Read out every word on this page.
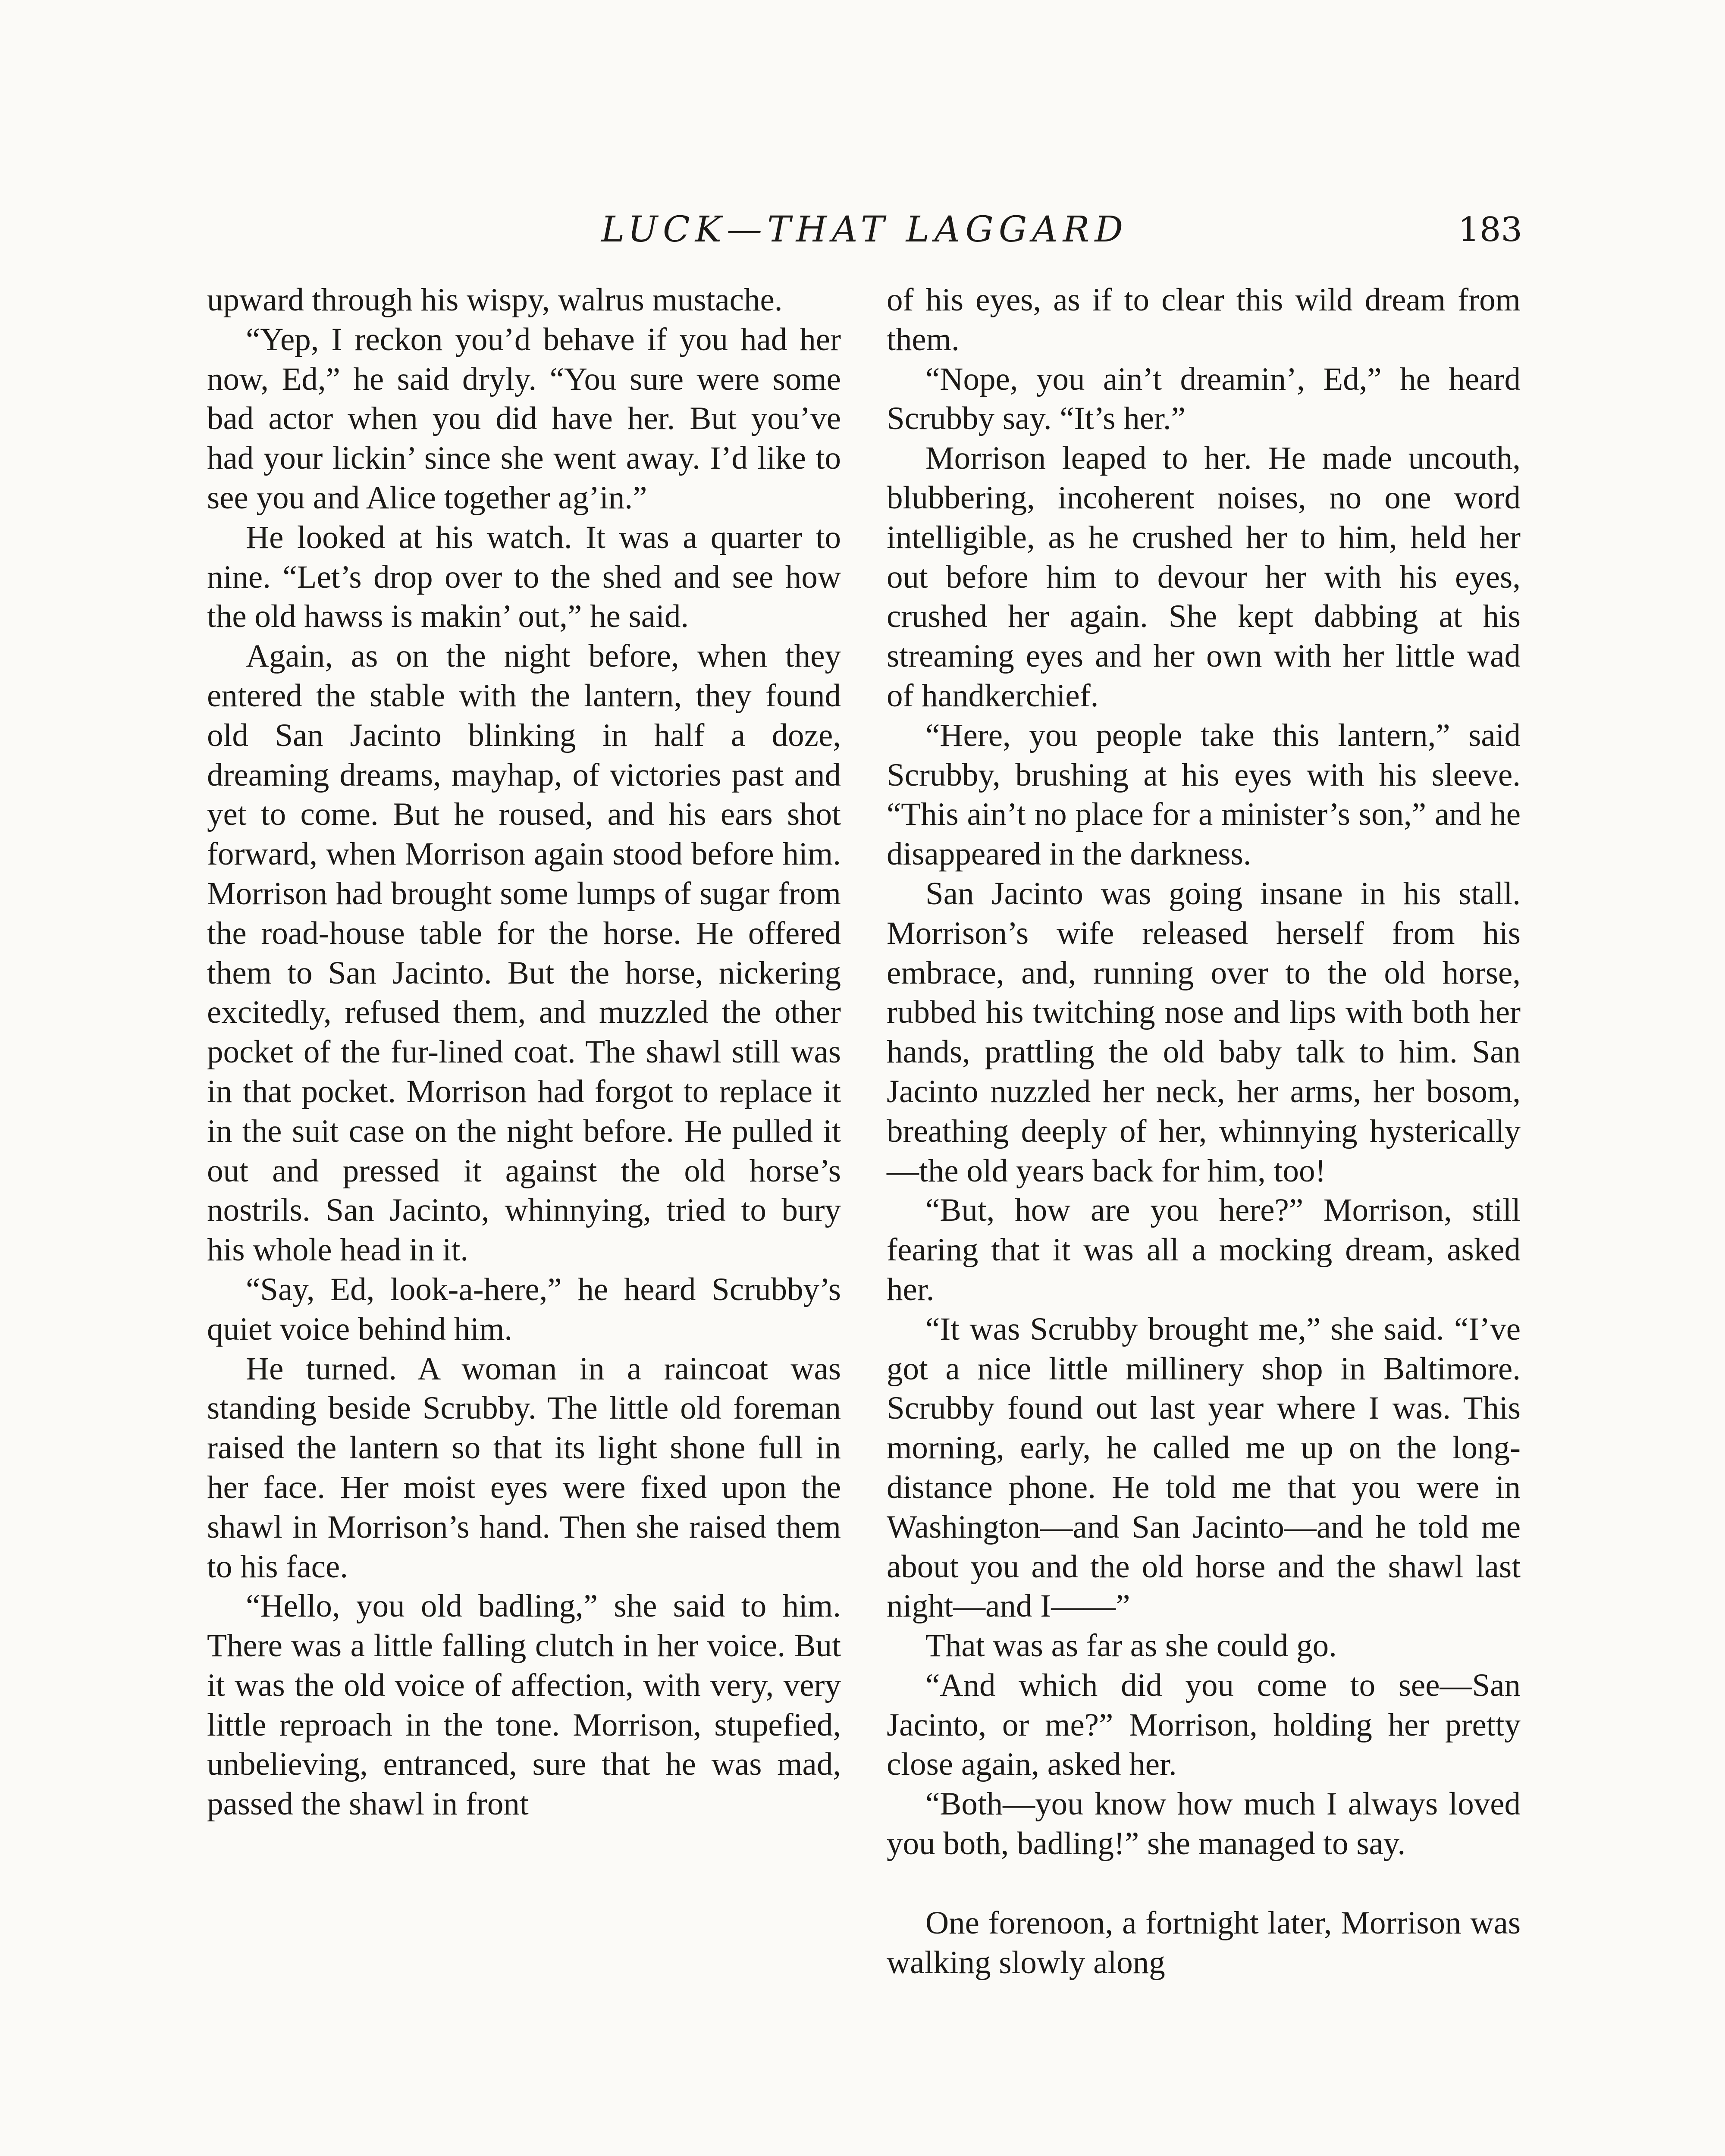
LUCK—THAT LAGGARD	183

upward through his wispy, walrus mustache.

“Yep, I reckon you’d behave if you had her now, Ed,” he said dryly. “You sure were some bad actor when you did have her. But you’ve had your lickin’ since she went away. I’d like to see you and Alice together ag’in.”

He looked at his watch. It was a quarter to nine. “Let’s drop over to the shed and see how the old hawss is makin’ out,” he said.

Again, as on the night before, when they entered the stable with the lantern, they found old San Jacinto blinking in half a doze, dreaming dreams, mayhap, of victories past and yet to come. But he roused, and his ears shot forward, when Morrison again stood before him. Morrison had brought some lumps of sugar from the road-house table for the horse. He offered them to San Jacinto. But the horse, nickering excitedly, refused them, and muzzled the other pocket of the fur-lined coat. The shawl still was in that pocket. Morrison had forgot to replace it in the suit case on the night before. He pulled it out and pressed it against the old horse’s nostrils. San Jacinto, whinnying, tried to bury his whole head in it.

“Say, Ed, look-a-here,” he heard Scrubby’s quiet voice behind him.

He turned. A woman in a raincoat was standing beside Scrubby. The little old foreman raised the lantern so that its light shone full in her face. Her moist eyes were fixed upon the shawl in Morrison’s hand. Then she raised them to his face.

“Hello, you old badling,” she said to him. There was a little falling clutch in her voice. But it was the old voice of affection, with very, very little reproach in the tone. Morrison, stupefied, unbelieving, entranced, sure that he was mad, passed the shawl in front

of his eyes, as if to clear this wild dream from them.

“Nope, you ain’t dreamin’, Ed,” he heard Scrubby say. “It’s her.”

Morrison leaped to her. He made uncouth, blubbering, incoherent noises, no one word intelligible, as he crushed her to him, held her out before him to devour her with his eyes, crushed her again. She kept dabbing at his streaming eyes and her own with her little wad of handkerchief.

“Here, you people take this lantern,” said Scrubby, brushing at his eyes with his sleeve. “This ain’t no place for a minister’s son,” and he disappeared in the darkness.

San Jacinto was going insane in his stall. Morrison’s wife released herself from his embrace, and, running over to the old horse, rubbed his twitching nose and lips with both her hands, prattling the old baby talk to him. San Jacinto nuzzled her neck, her arms, her bosom, breathing deeply of her, whinnying hysterically—the old years back for him, too!

“But, how are you here?” Morrison, still fearing that it was all a mocking dream, asked her.

“It was Scrubby brought me,” she said. “I’ve got a nice little millinery shop in Baltimore. Scrubby found out last year where I was. This morning, early, he called me up on the long-distance phone. He told me that you were in Washington—and San Jacinto—and he told me about you and the old horse and the shawl last night—and I——”

That was as far as she could go.

“And which did you come to see—San Jacinto, or me?” Morrison, holding her pretty close again, asked her.

“Both—you know how much I always loved you both, badling!” she managed to say.

One forenoon, a fortnight later, Morrison was walking slowly along
